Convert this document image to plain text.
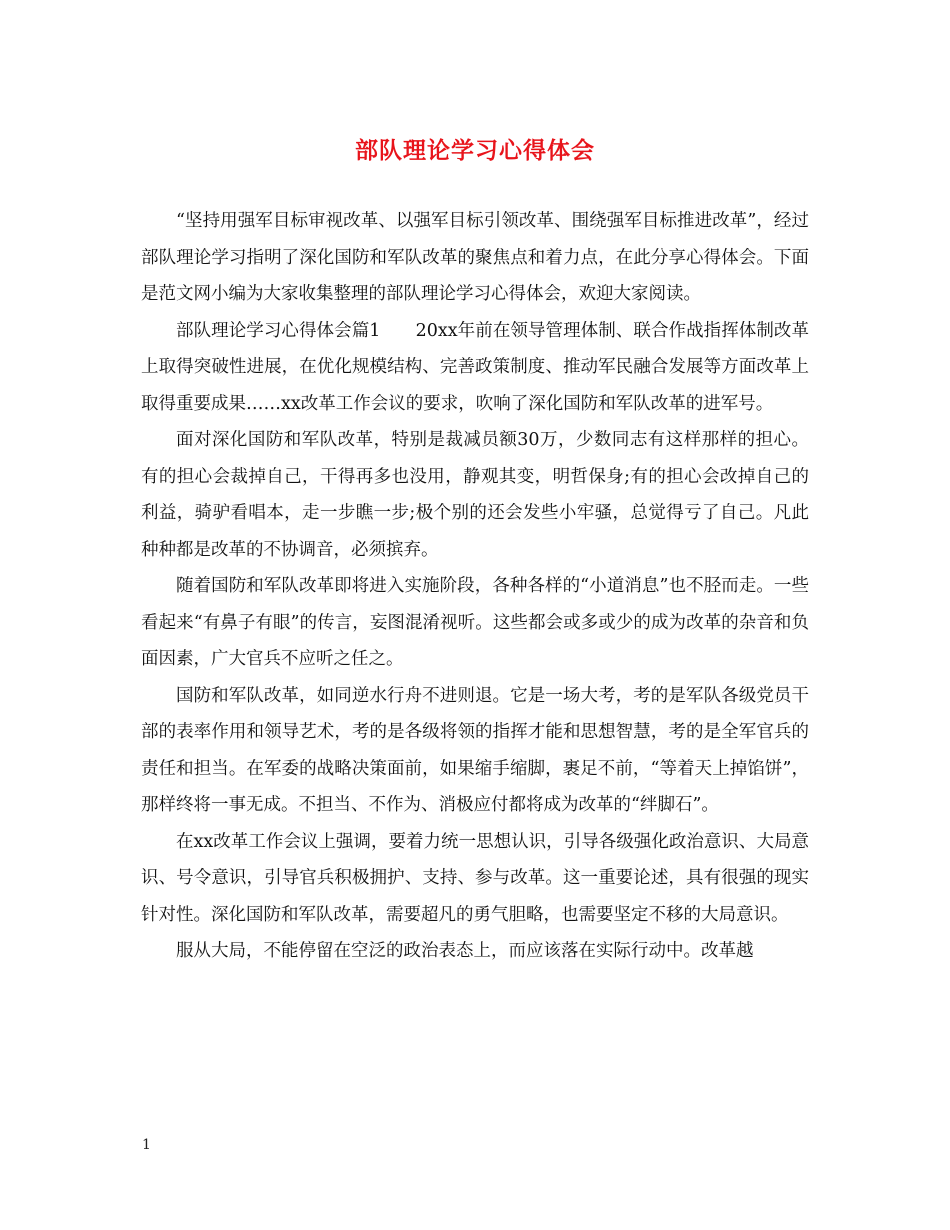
部队理论学习心得体会

“坚持用强军目标审视改革、以强军目标引领改革、围绕强军目标推进改革”，经过部队理论学习指明了深化国防和军队改革的聚焦点和着力点，在此分享心得体会。下面是范文网小编为大家收集整理的部队理论学习心得体会，欢迎大家阅读。

部队理论学习心得体会篇1　　20xx年前在领导管理体制、联合作战指挥体制改革上取得突破性进展，在优化规模结构、完善政策制度、推动军民融合发展等方面改革上取得重要成果……xx改革工作会议的要求，吹响了深化国防和军队改革的进军号。

面对深化国防和军队改革，特别是裁减员额30万，少数同志有这样那样的担心。有的担心会裁掉自己，干得再多也没用，静观其变，明哲保身;有的担心会改掉自己的利益，骑驴看唱本，走一步瞧一步;极个别的还会发些小牢骚，总觉得亏了自己。凡此种种都是改革的不协调音，必须摈弃。

随着国防和军队改革即将进入实施阶段，各种各样的“小道消息”也不胫而走。一些看起来“有鼻子有眼”的传言，妄图混淆视听。这些都会或多或少的成为改革的杂音和负面因素，广大官兵不应听之任之。

国防和军队改革，如同逆水行舟不进则退。它是一场大考，考的是军队各级党员干部的表率作用和领导艺术，考的是各级将领的指挥才能和思想智慧，考的是全军官兵的责任和担当。在军委的战略决策面前，如果缩手缩脚，裹足不前，“等着天上掉馅饼”，那样终将一事无成。不担当、不作为、消极应付都将成为改革的“绊脚石”。

在xx改革工作会议上强调，要着力统一思想认识，引导各级强化政治意识、大局意识、号令意识，引导官兵积极拥护、支持、参与改革。这一重要论述，具有很强的现实针对性。深化国防和军队改革，需要超凡的勇气胆略，也需要坚定不移的大局意识。

服从大局，不能停留在空泛的政治表态上，而应该落在实际行动中。改革越

1
